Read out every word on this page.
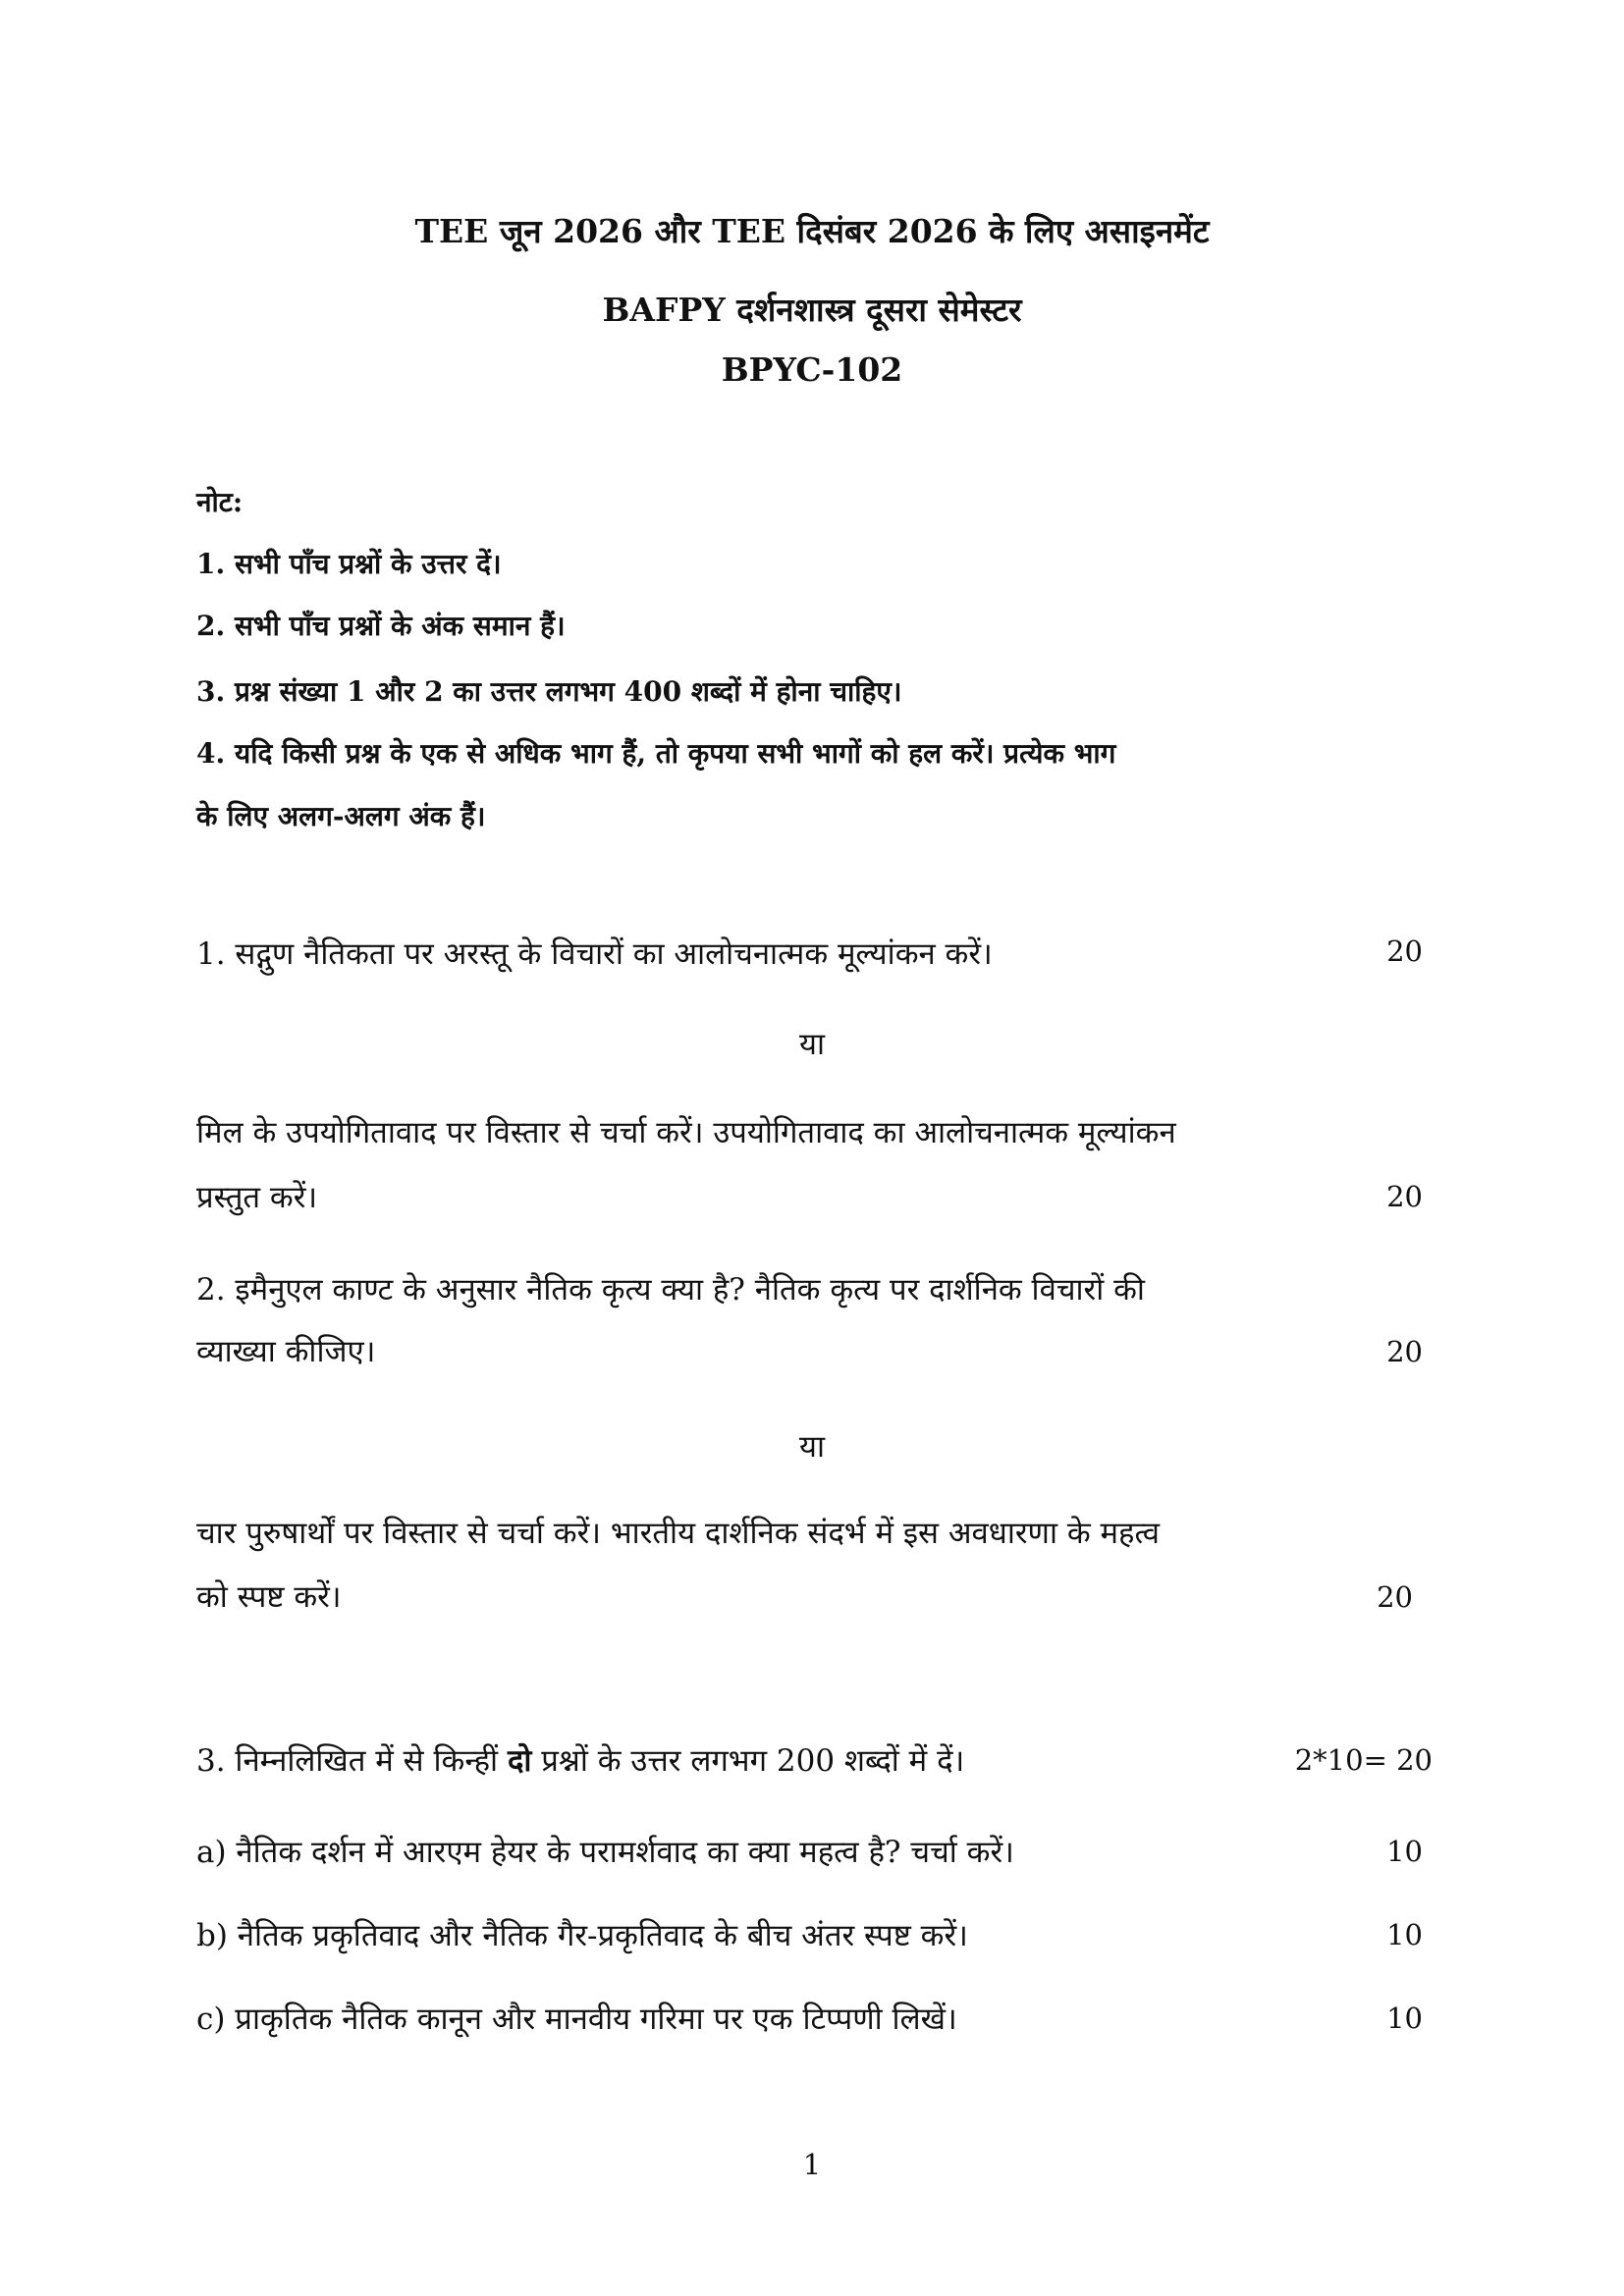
TEE जून 2026 और TEE दिसंबर 2026 के लिए असाइनमेंट
BAFPY दर्शनशास्त्र दूसरा सेमेस्टर
BPYC-102
नोट:
1. सभी पाँच प्रश्नों के उत्तर दें।
2. सभी पाँच प्रश्नों के अंक समान हैं।
3. प्रश्न संख्या 1 और 2 का उत्तर लगभग 400 शब्दों में होना चाहिए।
4. यदि किसी प्रश्न के एक से अधिक भाग हैं, तो कृपया सभी भागों को हल करें। प्रत्येक भाग
के लिए अलग-अलग अंक हैं।
1. सद्गुण नैतिकता पर अरस्तू के विचारों का आलोचनात्मक मूल्यांकन करें।	20
या
मिल के उपयोगितावाद पर विस्तार से चर्चा करें। उपयोगितावाद का आलोचनात्मक मूल्यांकन
प्रस्तुत करें।	20
2. इमैनुएल काण्ट के अनुसार नैतिक कृत्य क्या है? नैतिक कृत्य पर दार्शनिक विचारों की
व्याख्या कीजिए।	20
या
चार पुरुषार्थों पर विस्तार से चर्चा करें। भारतीय दार्शनिक संदर्भ में इस अवधारणा के महत्व
को स्पष्ट करें।	20
3. निम्नलिखित में से किन्हीं दो प्रश्नों के उत्तर लगभग 200 शब्दों में दें।	2*10= 20
a) नैतिक दर्शन में आरएम हेयर के परामर्शवाद का क्या महत्व है? चर्चा करें।	10
b) नैतिक प्रकृतिवाद और नैतिक गैर-प्रकृतिवाद के बीच अंतर स्पष्ट करें।	10
c) प्राकृतिक नैतिक कानून और मानवीय गरिमा पर एक टिप्पणी लिखें।	10
1
